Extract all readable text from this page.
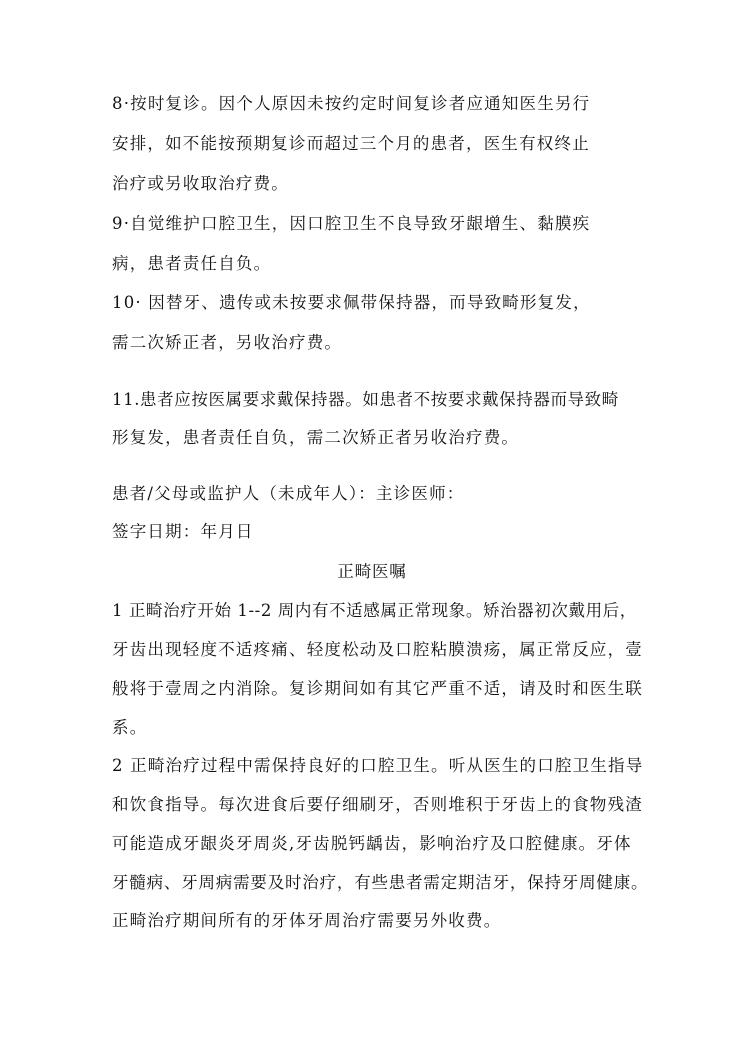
8·按时复诊。因个人原因未按约定时间复诊者应通知医生另行
安排，如不能按预期复诊而超过三个月的患者，医生有权终止
治疗或另收取治疗费。
9·自觉维护口腔卫生，因口腔卫生不良导致牙龈增生、黏膜疾
病，患者责任自负。
10· 因替牙、遗传或未按要求佩带保持器，而导致畸形复发，
需二次矫正者，另收治疗费。
11.患者应按医属要求戴保持器。如患者不按要求戴保持器而导致畸
形复发，患者责任自负，需二次矫正者另收治疗费。
患者/父母或监护人（未成年人）：主诊医师：
签字日期：年月日
正畸医嘱
1 正畸治疗开始 1--2 周内有不适感属正常现象。矫治器初次戴用后，
牙齿出现轻度不适疼痛、轻度松动及口腔粘膜溃疡，属正常反应，壹
般将于壹周之内消除。复诊期间如有其它严重不适，请及时和医生联
系。
2 正畸治疗过程中需保持良好的口腔卫生。听从医生的口腔卫生指导
和饮食指导。每次进食后要仔细刷牙，否则堆积于牙齿上的食物残渣
可能造成牙龈炎牙周炎,牙齿脱钙龋齿，影响治疗及口腔健康。牙体
牙髓病、牙周病需要及时治疗，有些患者需定期洁牙，保持牙周健康。
正畸治疗期间所有的牙体牙周治疗需要另外收费。
